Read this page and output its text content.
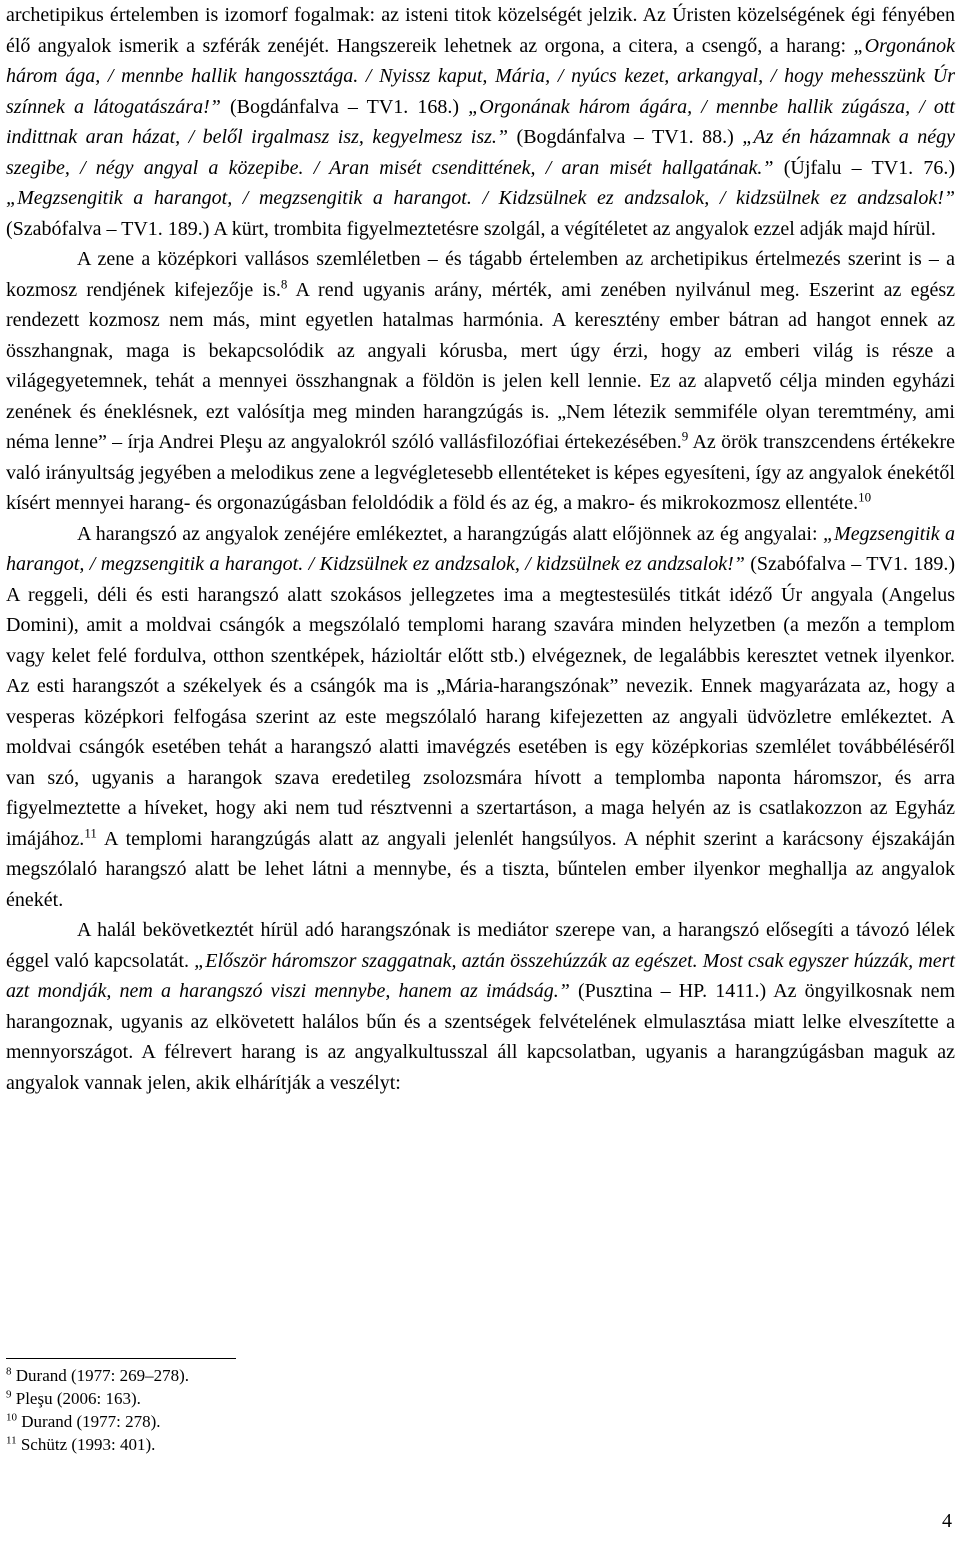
archetipikus értelemben is izomorf fogalmak: az isteni titok közelségét jelzik. Az Úristen közelségének égi fényében élő angyalok ismerik a szférák zenéjét. Hangszereik lehetnek az orgona, a citera, a csengő, a harang: „Orgonánok három ága, / mennbe hallik hangossztága. / Nyissz kaput, Mária, / nyúcs kezet, arkangyal, / hogy mehesszünk Úr színnek a látogatászára!” (Bogdánfalva – TV1. 168.) „Orgonának három ágára, / mennbe hallik zúgásza, / ott indittnak aran házat, / belől irgalmasz isz, kegyelmesz isz.” (Bogdánfalva – TV1. 88.) „Az én házamnak a négy szegibe, / négy angyal a közepibe. / Aran misét csendittének, / aran misét hallgatának.” (Újfalu – TV1. 76.) „Megzsengitik a harangot, / megzsengitik a harangot. / Kidzsülnek ez andzsalok, / kidzsülnek ez andzsalok!” (Szabófalva – TV1. 189.) A kürt, trombita figyelmeztetésre szolgál, a végítéletet az angyalok ezzel adják majd hírül.

A zene a középkori vallásos szemléletben – és tágabb értelemben az archetipikus értelmezés szerint is – a kozmosz rendjének kifejezője is.$^8$ A rend ugyanis arány, mérték, ami zenében nyilvánul meg. Eszerint az egész rendezett kozmosz nem más, mint egyetlen hatalmas harmónia. A keresztény ember bátran ad hangot ennek az összhangnak, maga is bekapcsolódik az angyali kórusba, mert úgy érzi, hogy az emberi világ is része a világegyetemnek, tehát a mennyei összhangnak a földön is jelen kell lennie. Ez az alapvető célja minden egyházi zenének és éneklésnek, ezt valósítja meg minden harangzúgás is. „Nem létezik semmiféle olyan teremtmény, ami néma lenne” – írja Andrei Pleşu az angyalokról szóló vallásfilozófiai értekezésében.$^9$ Az örök transzcendens értékekre való irányultság jegyében a melodikus zene a legvégletesebb ellentéteket is képes egyesíteni, így az angyalok énekétől kísért mennyei harang- és orgonazúgásban feloldódik a föld és az ég, a makro- és mikrokozmosz ellentéte.$^{10}$

A harangszó az angyalok zenéjére emlékeztet, a harangzúgás alatt előjönnek az ég angyalai: „Megzsengitik a harangot, / megzsengitik a harangot. / Kidzsülnek ez andzsalok, / kidzsülnek ez andzsalok!” (Szabófalva – TV1. 189.) A reggeli, déli és esti harangszó alatt szokásos jellegzetes ima a megtestesülés titkát idéző Úr angyala (Angelus Domini), amit a moldvai csángók a megszólaló templomi harang szavára minden helyzetben (a mezőn a templom vagy kelet felé fordulva, otthon szentképek, házioltár előtt stb.) elvégeznek, de legalábbis keresztet vetnek ilyenkor. Az esti harangszót a székelyek és a csángók ma is „Mária-harangszónak” nevezik. Ennek magyarázata az, hogy a vesperas középkori felfogása szerint az este megszólaló harang kifejezetten az angyali üdvözletre emlékeztet. A moldvai csángók esetében tehát a harangszó alatti imavégzés esetében is egy középkorias szemlélet továbbéléséről van szó, ugyanis a harangok szava eredetileg zsolozsmára hívott a templomba naponta háromszor, és arra figyelmeztette a híveket, hogy aki nem tud résztvenni a szertartáson, a maga helyén az is csatlakozzon az Egyház imájához.$^{11}$ A templomi harangzúgás alatt az angyali jelenlét hangsúlyos. A néphit szerint a karácsony éjszakáján megszólaló harangszó alatt be lehet látni a mennybe, és a tiszta, bűntelen ember ilyenkor meghallja az angyalok énekét.

A halál bekövetkeztét hírül adó harangszónak is mediátor szerepe van, a harangszó elősegíti a távozó lélek éggel való kapcsolatát. „Először háromszor szaggatnak, aztán összehúzzák az egészet. Most csak egyszer húzzák, mert azt mondják, nem a harangszó viszi mennybe, hanem az imádság.” (Pusztina – HP. 1411.) Az öngyilkosnak nem harangoznak, ugyanis az elkövetett halálos bűn és a szentségek felvételének elmulasztása miatt lelke elveszítette a mennyországot. A félrevert harang is az angyalkultusszal áll kapcsolatban, ugyanis a harangzúgásban maguk az angyalok vannak jelen, akik elhárítják a veszélyt:

$^8$ Durand (1977: 269–278).
$^9$ Pleşu (2006: 163).
$^{10}$ Durand (1977: 278).
$^{11}$ Schütz (1993: 401).
4
